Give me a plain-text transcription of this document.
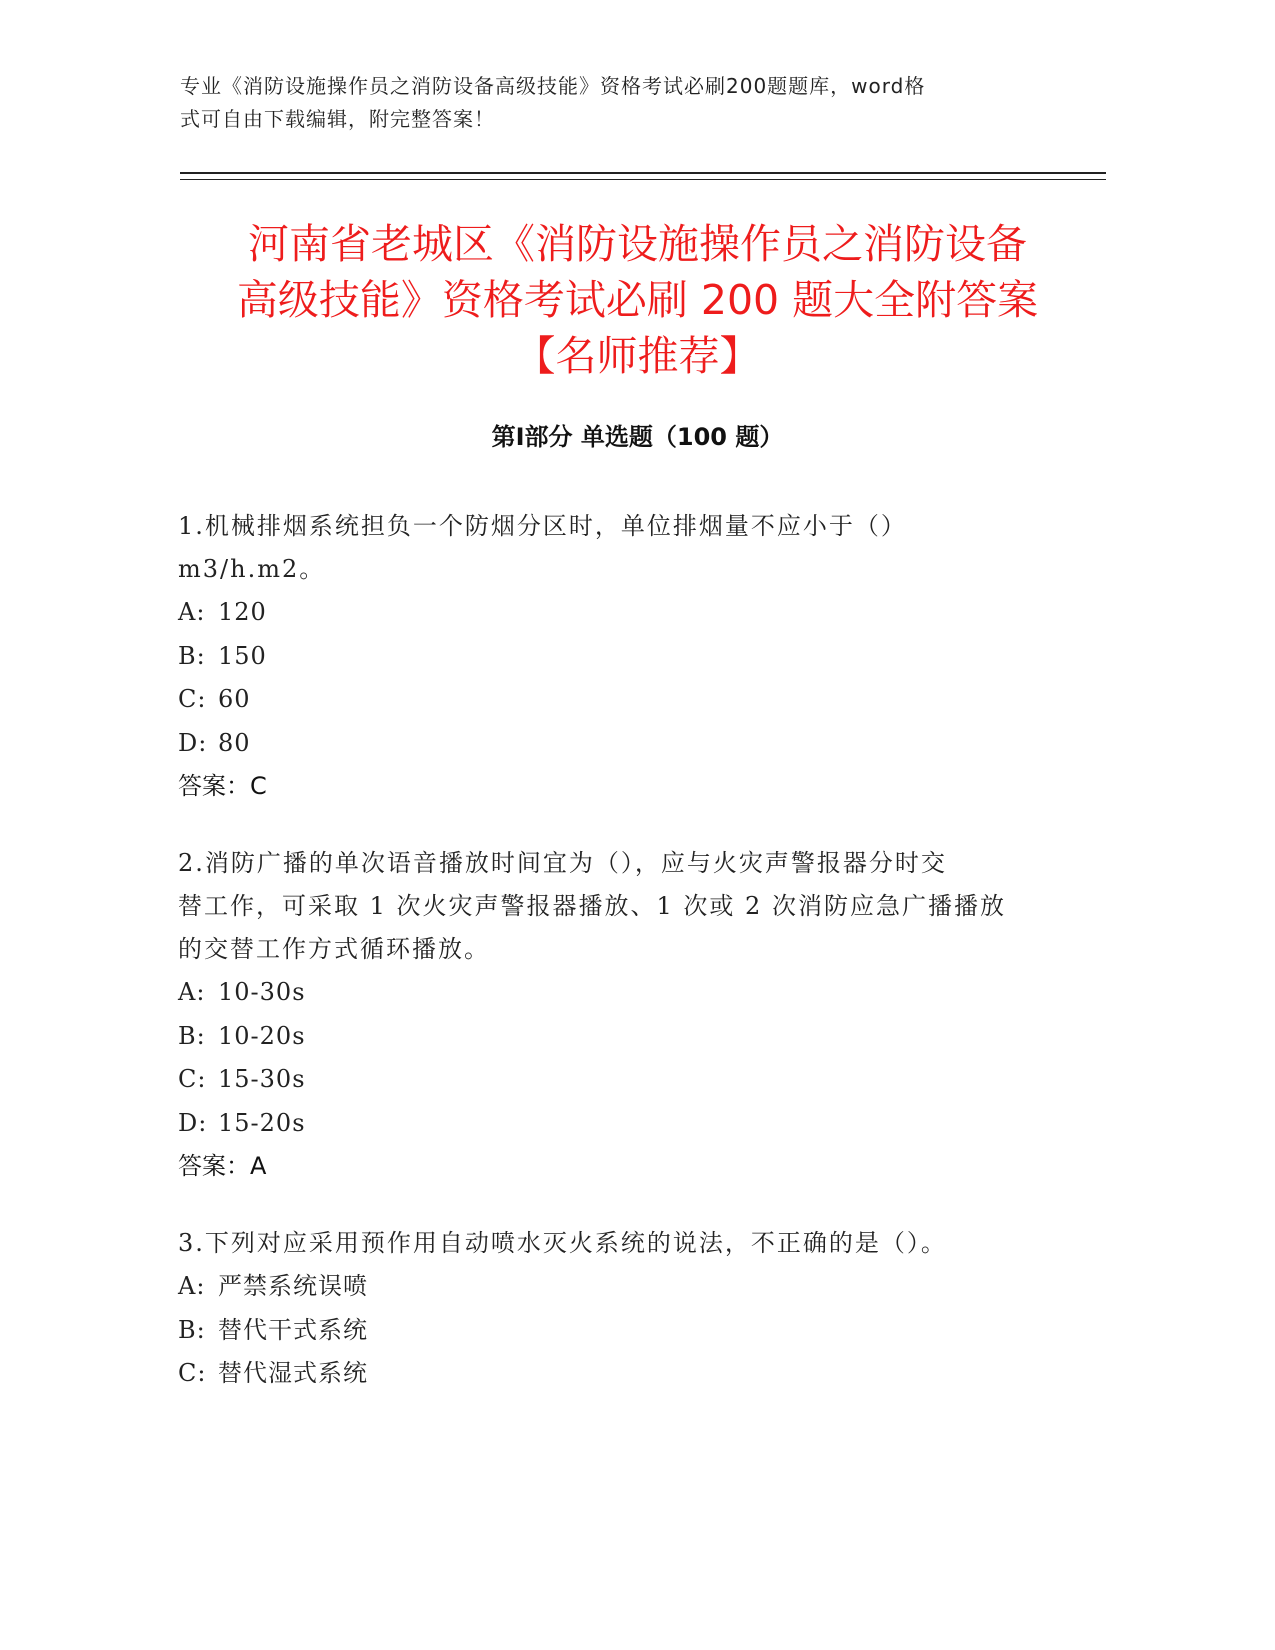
专业《消防设施操作员之消防设备高级技能》资格考试必刷200题题库，word格
式可自由下载编辑，附完整答案！
河南省老城区《消防设施操作员之消防设备
高级技能》资格考试必刷 200 题大全附答案
【名师推荐】
第Ⅰ部分 单选题（100 题）
1.机械排烟系统担负一个防烟分区时，单位排烟量不应小于（）
m3/h.m2。
A: 120
B: 150
C: 60
D: 80
答案：C
2.消防广播的单次语音播放时间宜为（），应与火灾声警报器分时交
替工作，可采取 1 次火灾声警报器播放、1 次或 2 次消防应急广播播放
的交替工作方式循环播放。
A: 10-30s
B: 10-20s
C: 15-30s
D: 15-20s
答案：A
3.下列对应采用预作用自动喷水灭火系统的说法，不正确的是（）。
A: 严禁系统误喷
B: 替代干式系统
C: 替代湿式系统
